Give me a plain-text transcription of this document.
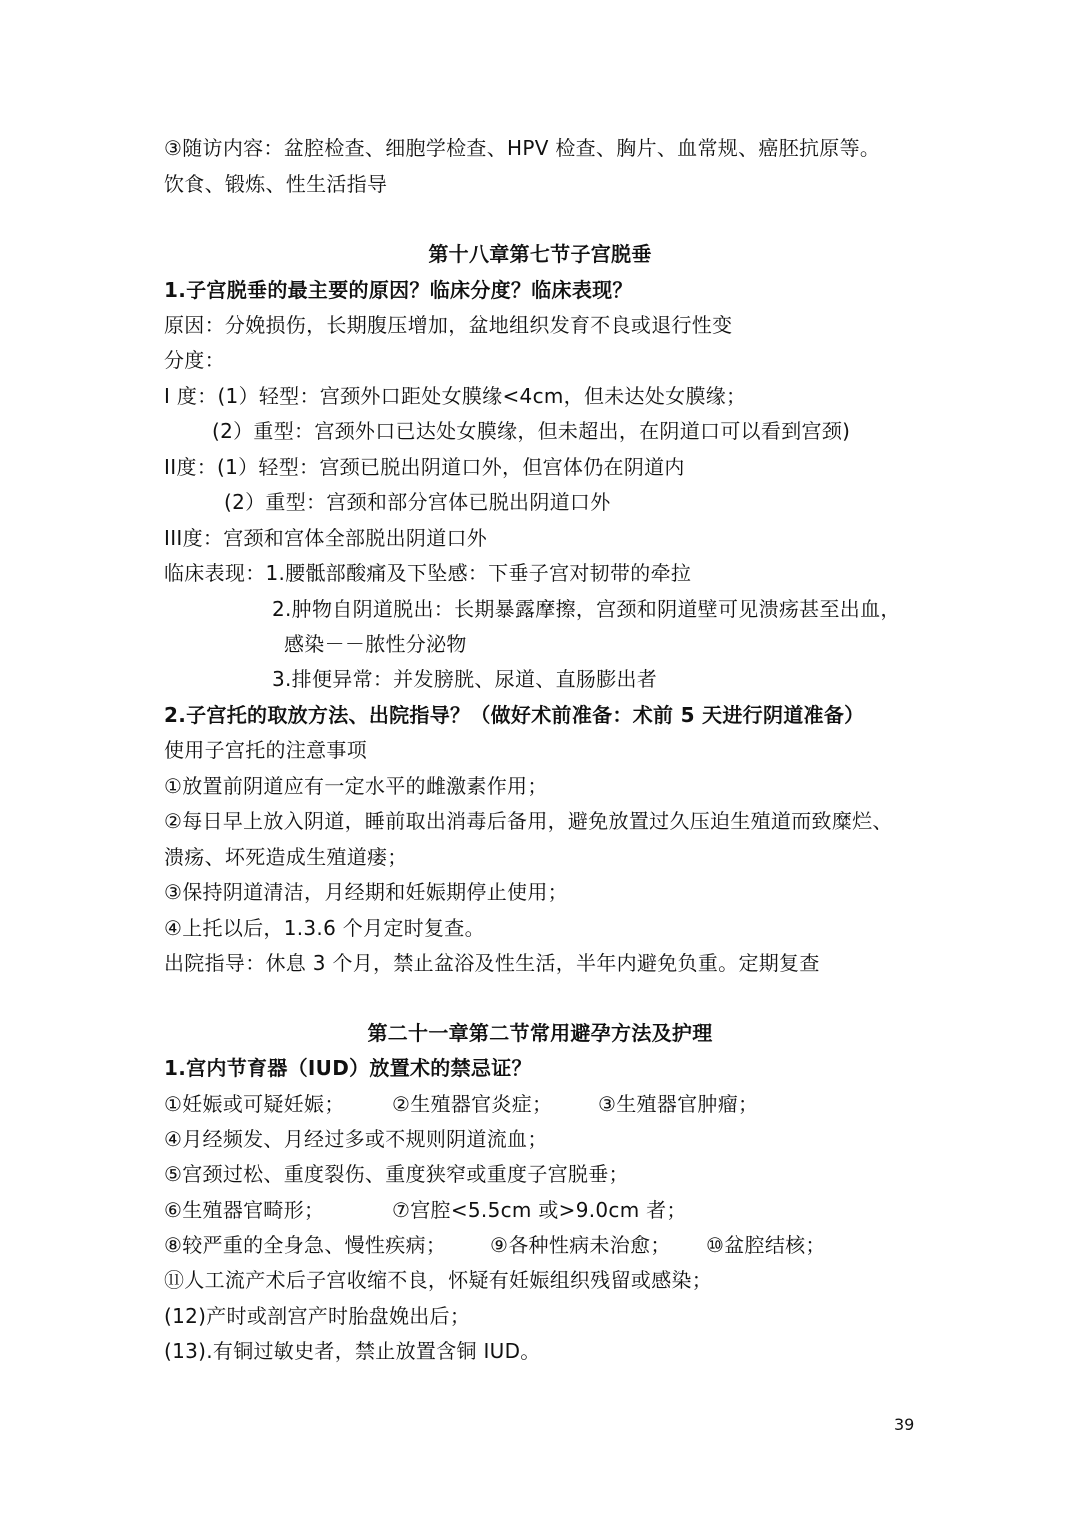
③随访内容：盆腔检查、细胞学检查、HPV 检查、胸片、血常规、癌胚抗原等。
饮食、锻炼、性生活指导
第十八章第七节子宫脱垂
1.子宫脱垂的最主要的原因？临床分度？临床表现？
原因：分娩损伤，长期腹压增加，盆地组织发育不良或退行性变
分度：
I 度：(1）轻型：宫颈外口距处女膜缘<4cm，但未达处女膜缘；
(2）重型：宫颈外口已达处女膜缘，但未超出，在阴道口可以看到宫颈)
II度：(1）轻型：宫颈已脱出阴道口外，但宫体仍在阴道内
(2）重型：宫颈和部分宫体已脱出阴道口外
III度：宫颈和宫体全部脱出阴道口外
临床表现：1.腰骶部酸痛及下坠感：下垂子宫对韧带的牵拉
2.肿物自阴道脱出：长期暴露摩擦，宫颈和阴道壁可见溃疡甚至出血，
感染－－脓性分泌物
3.排便异常：并发膀胱、尿道、直肠膨出者
2.子宫托的取放方法、出院指导？（做好术前准备：术前 5 天进行阴道准备）
使用子宫托的注意事项
①放置前阴道应有一定水平的雌激素作用；
②每日早上放入阴道，睡前取出消毒后备用，避免放置过久压迫生殖道而致糜烂、
溃疡、坏死造成生殖道瘘；
③保持阴道清洁，月经期和妊娠期停止使用；
④上托以后，1.3.6 个月定时复查。
出院指导：休息 3 个月，禁止盆浴及性生活，半年内避免负重。定期复查
第二十一章第二节常用避孕方法及护理
1.宫内节育器（IUD）放置术的禁忌证？
①妊娠或可疑妊娠； ②生殖器官炎症； ③生殖器官肿瘤；
④月经频发、月经过多或不规则阴道流血；
⑤宫颈过松、重度裂伤、重度狭窄或重度子宫脱垂；
⑥生殖器官畸形；	⑦宫腔<5.5cm 或>9.0cm 者；
⑧较严重的全身急、慢性疾病； ⑨各种性病未治愈； ⑩盆腔结核；
⑪人工流产术后子宫收缩不良，怀疑有妊娠组织残留或感染；
(12)产时或剖宫产时胎盘娩出后；
(13).有铜过敏史者，禁止放置含铜 IUD。
39
